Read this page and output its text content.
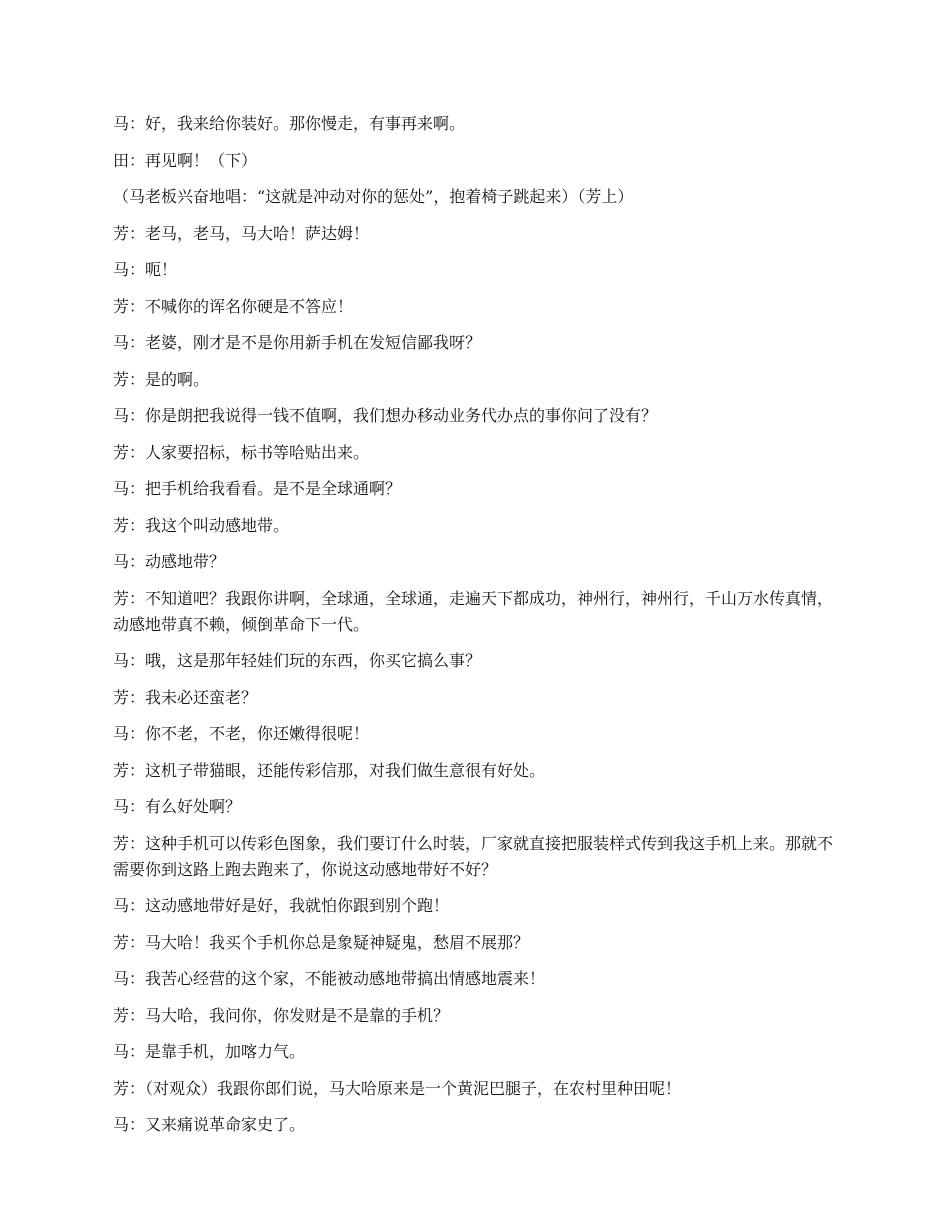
马：好，我来给你装好。那你慢走，有事再来啊。

田：再见啊！（下）

（马老板兴奋地唱：“这就是冲动对你的惩处”，抱着椅子跳起来）（芳上）

芳：老马，老马，马大哈！萨达姆！

马：呃！

芳：不喊你的诨名你硬是不答应！

马：老婆，刚才是不是你用新手机在发短信鄙我呀？

芳：是的啊。

马：你是朗把我说得一钱不值啊，我们想办移动业务代办点的事你问了没有？

芳：人家要招标，标书等哈贴出来。

马：把手机给我看看。是不是全球通啊？

芳：我这个叫动感地带。

马：动感地带？

芳：不知道吧？我跟你讲啊，全球通，全球通，走遍天下都成功，神州行，神州行，千山万水传真情，动感地带真不赖，倾倒革命下一代。

马：哦，这是那年轻娃们玩的东西，你买它搞么事？

芳：我未必还蛮老？

马：你不老，不老，你还嫩得很呢！

芳：这机子带猫眼，还能传彩信那，对我们做生意很有好处。

马：有么好处啊？

芳：这种手机可以传彩色图象，我们要订什么时装，厂家就直接把服装样式传到我这手机上来。那就不需要你到这路上跑去跑来了，你说这动感地带好不好？

马：这动感地带好是好，我就怕你跟到别个跑！

芳：马大哈！我买个手机你总是象疑神疑鬼，愁眉不展那？

马：我苦心经营的这个家，不能被动感地带搞出情感地震来！

芳：马大哈，我问你，你发财是不是靠的手机？

马：是靠手机，加喀力气。

芳：（对观众）我跟你郎们说，马大哈原来是一个黄泥巴腿子，在农村里种田呢！

马：又来痛说革命家史了。
